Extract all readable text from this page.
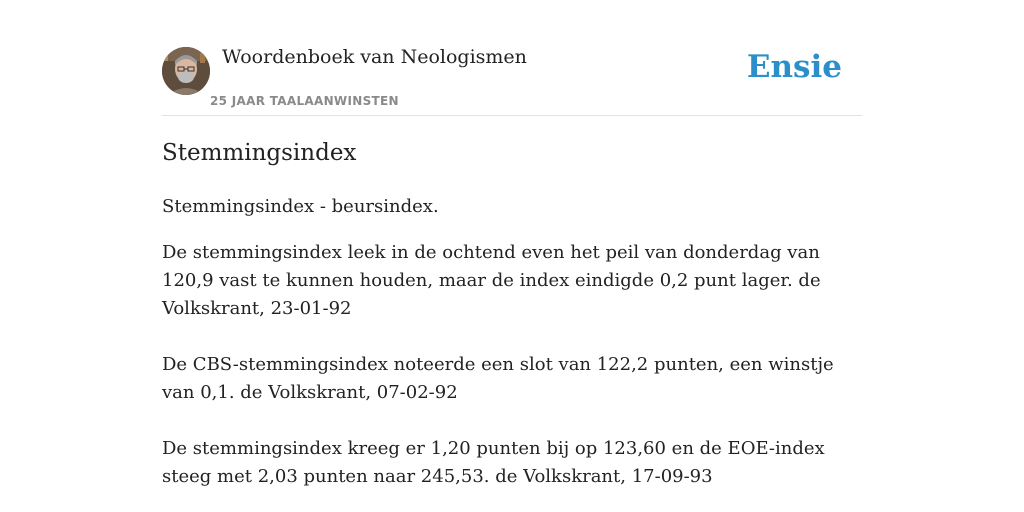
Woordenboek van Neologismen
25 JAAR TAALAANWINSTEN
Ensie
Stemmingsindex

Stemmingsindex - beursindex.

De stemmingsindex leek in de ochtend even het peil van donderdag van 120,9 vast te kunnen houden, maar de index eindigde 0,2 punt lager. de Volkskrant, 23-01-92

De CBS-stemmingsindex noteerde een slot van 122,2 punten, een winstje van 0,1. de Volkskrant, 07-02-92

De stemmingsindex kreeg er 1,20 punten bij op 123,60 en de EOE-index steeg met 2,03 punten naar 245,53. de Volkskrant, 17-09-93
